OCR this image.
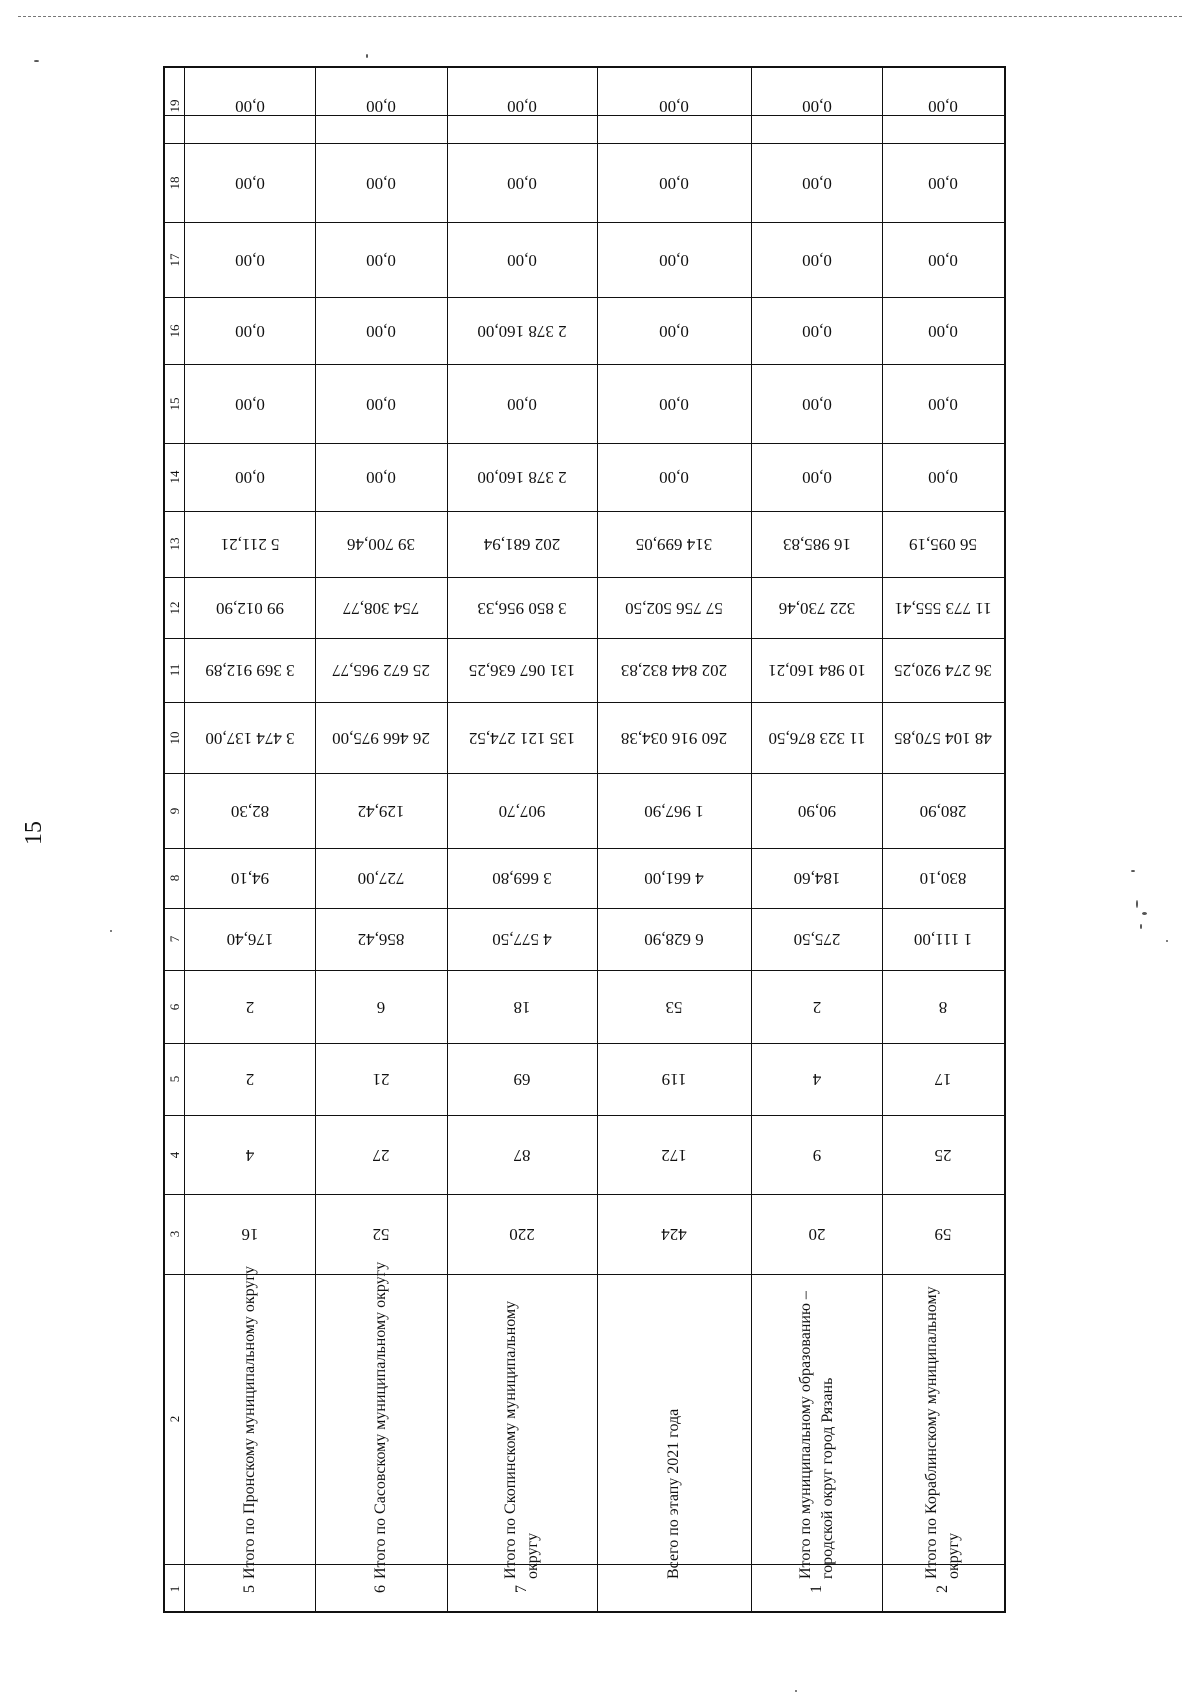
15
19
18
17
16
15
14
13
12
11
10
9
8
7
6
5
4
3
2
1
0,00
0,00
0,00
0,00
0,00
0,00
5 211,21
99 012,90
3 369 912,89
3 474 137,00
82,30
94,10
176,40
2
2
4
16
Итого по Пронскому муниципальному округу
5
0,00
0,00
0,00
0,00
0,00
0,00
39 700,46
754 308,77
25 672 965,77
26 466 975,00
129,42
727,00
856,42
6
21
27
52
Итого по Сасовскому муниципальному округу
6
0,00
0,00
0,00
2 378 160,00
0,00
2 378 160,00
202 681,94
3 850 956,33
131 067 636,25
135 121 274,52
907,70
3 669,80
4 577,50
18
69
87
220
Итого по Скопинскому муниципальному округу
7
0,00
0,00
0,00
0,00
0,00
0,00
314 699,05
57 756 502,50
202 844 832,83
260 916 034,38
1 967,90
4 661,00
6 628,90
53
119
172
424
Всего по этапу 2021 года
0,00
0,00
0,00
0,00
0,00
0,00
16 985,83
322 730,46
10 984 160,21
11 323 876,50
90,90
184,60
275,50
2
4
9
20
Итого по муниципальному образованию – городской округ город Рязань
1
0,00
0,00
0,00
0,00
0,00
0,00
56 095,19
11 773 555,41
36 274 920,25
48 104 570,85
280,90
830,10
1 111,00
8
17
25
59
Итого по Кораблинскому муниципальному округу
2
